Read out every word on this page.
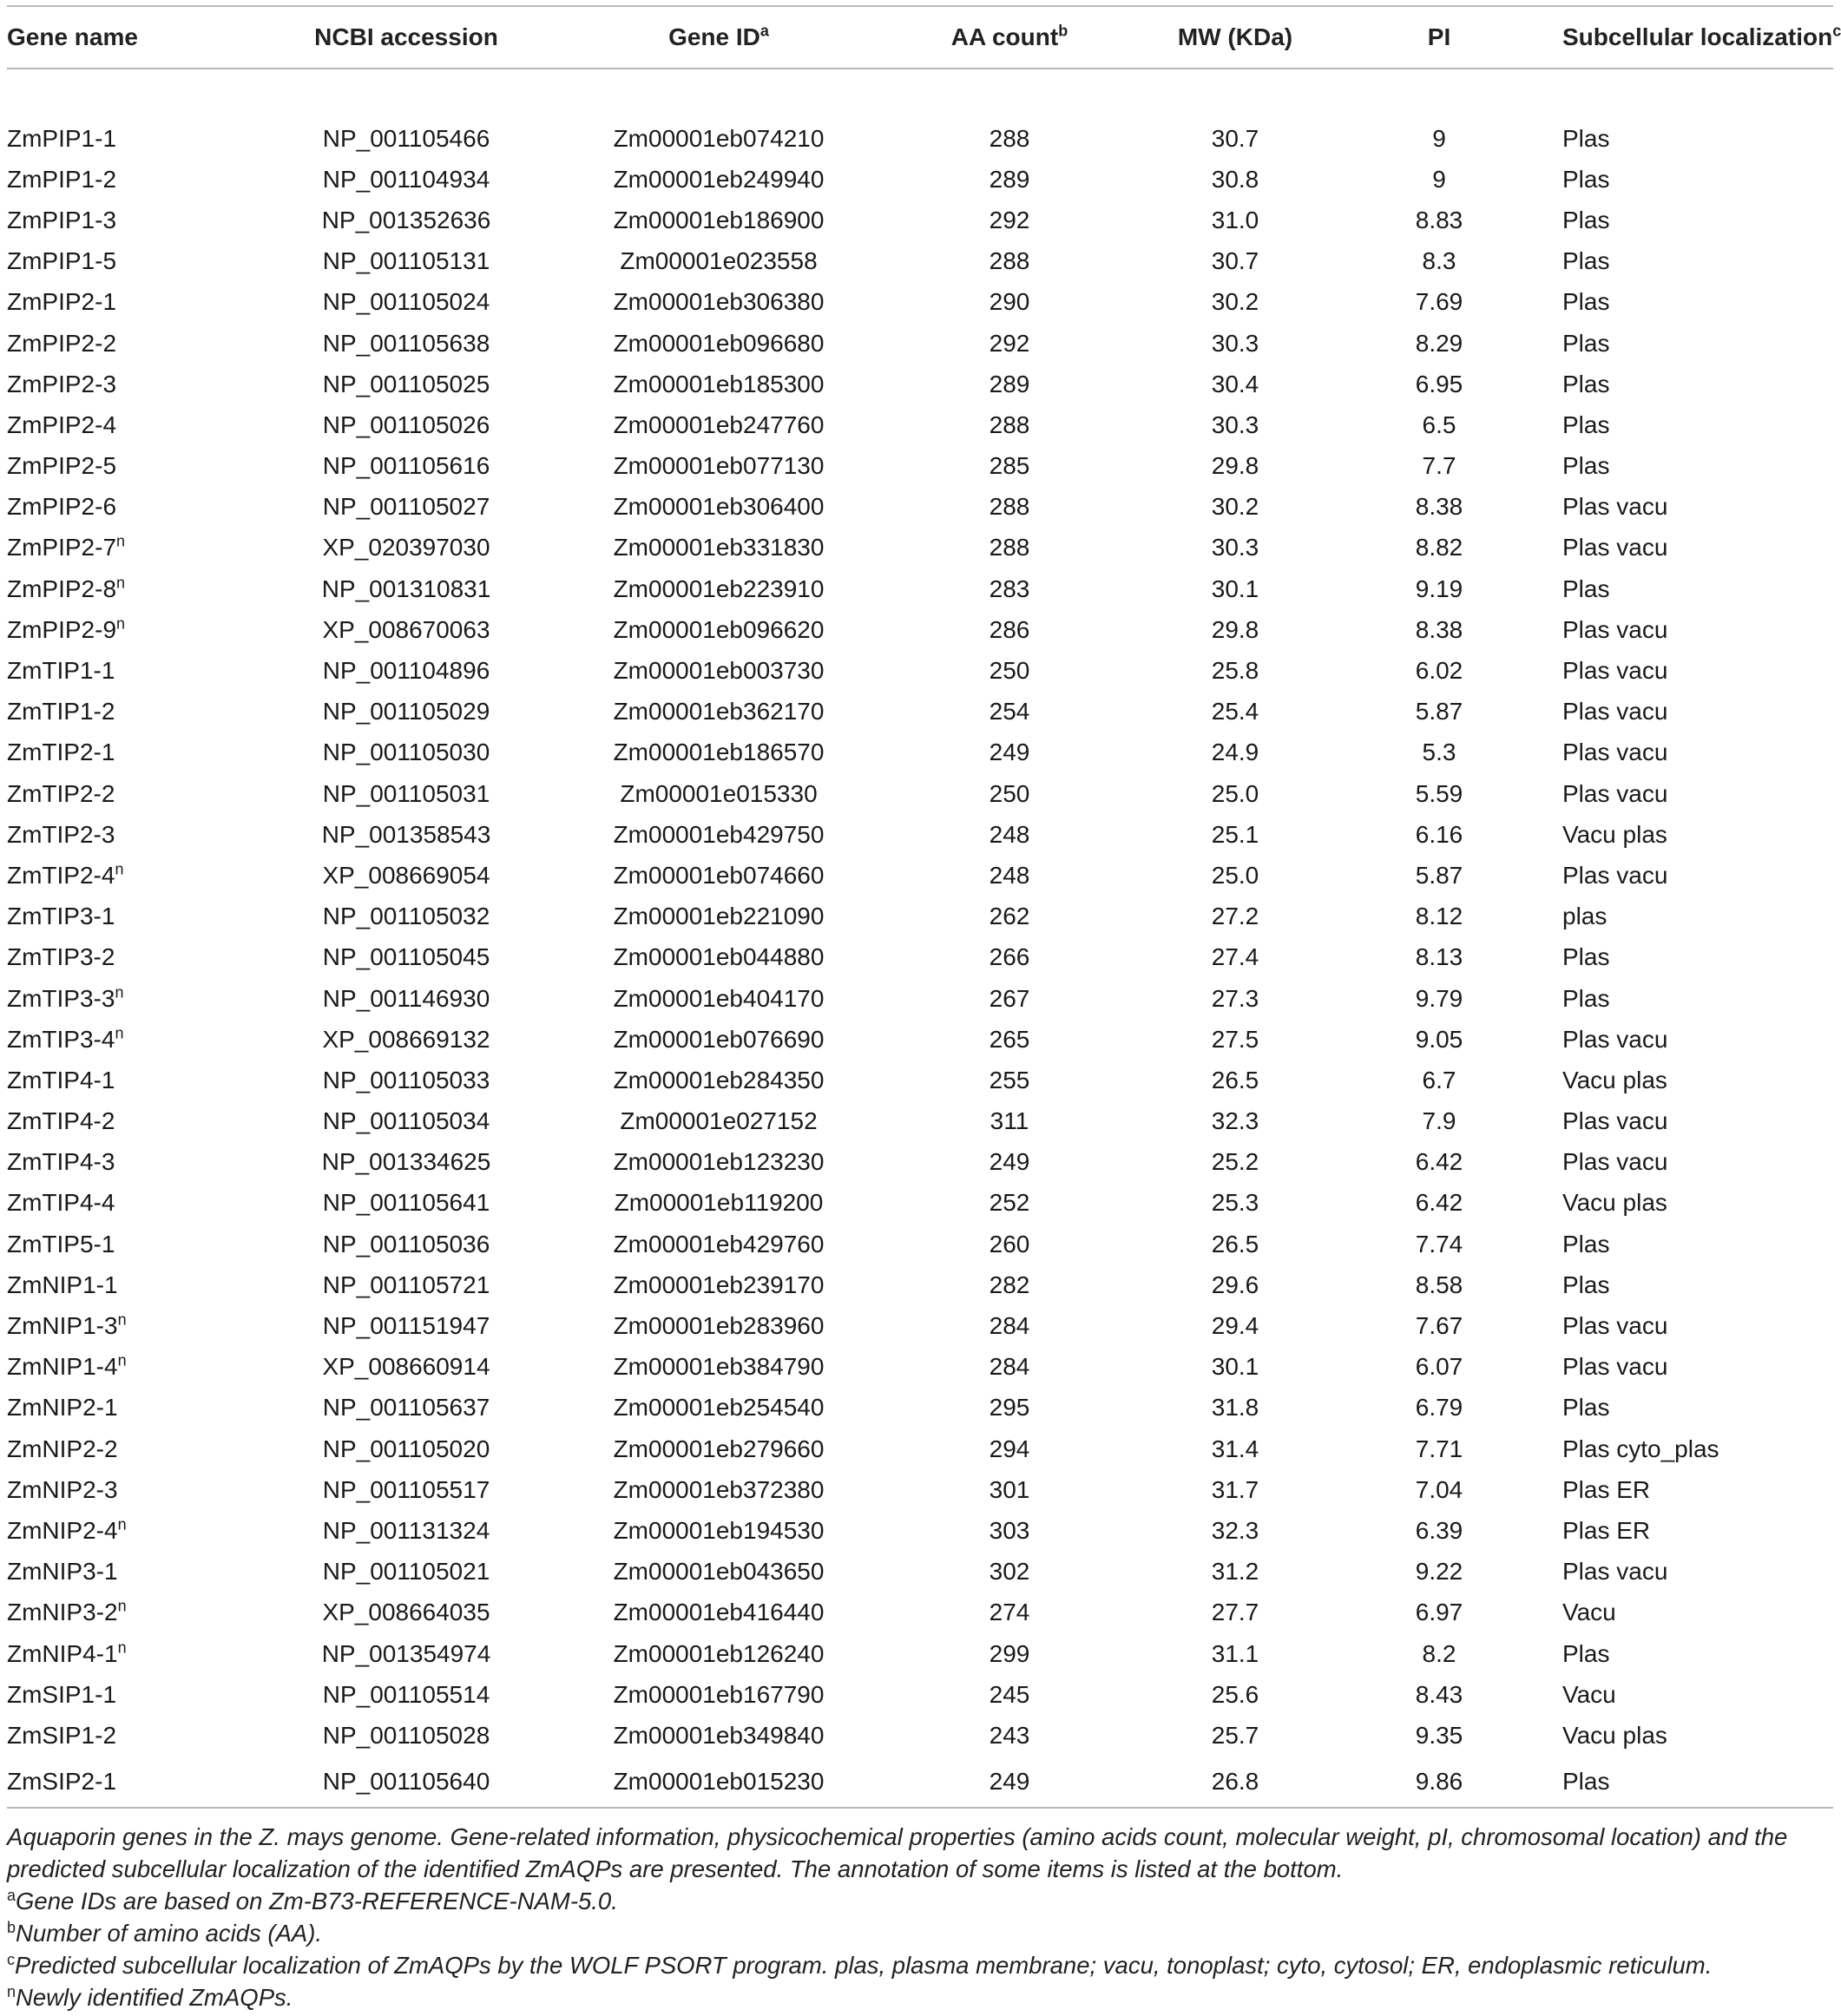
Gene name	NCBI accession	Gene $ID^a$	AA count$^b$	MW (KDa)	PI	Subcellular localization$^c$

ZmPIP1-1	NP_001105466	Zm00001eb074210	288	30.7	9	Plas
ZmPIP1-2	NP_001104934	Zm00001eb249940	289	30.8	9	Plas
ZmPIP1-3	NP_001352636	Zm00001eb186900	292	31.0	8.83	Plas
ZmPIP1-5	NP_001105131	Zm00001e023558	288	30.7	8.3	Plas
ZmPIP2-1	NP_001105024	Zm00001eb306380	290	30.2	7.69	Plas
ZmPIP2-2	NP_001105638	Zm00001eb096680	292	30.3	8.29	Plas
ZmPIP2-3	NP_001105025	Zm00001eb185300	289	30.4	6.95	Plas
ZmPIP2-4	NP_001105026	Zm00001eb247760	288	30.3	6.5	Plas
ZmPIP2-5	NP_001105616	Zm00001eb077130	285	29.8	7.7	Plas
ZmPIP2-6	NP_001105027	Zm00001eb306400	288	30.2	8.38	Plas vacu
ZmPIP2-7$^n$	XP_020397030	Zm00001eb331830	288	30.3	8.82	Plas vacu
ZmPIP2-8$^n$	NP_001310831	Zm00001eb223910	283	30.1	9.19	Plas
ZmPIP2-9$^n$	XP_008670063	Zm00001eb096620	286	29.8	8.38	Plas vacu
ZmTIP1-1	NP_001104896	Zm00001eb003730	250	25.8	6.02	Plas vacu
ZmTIP1-2	NP_001105029	Zm00001eb362170	254	25.4	5.87	Plas vacu
ZmTIP2-1	NP_001105030	Zm00001eb186570	249	24.9	5.3	Plas vacu
ZmTIP2-2	NP_001105031	Zm00001e015330	250	25.0	5.59	Plas vacu
ZmTIP2-3	NP_001358543	Zm00001eb429750	248	25.1	6.16	Vacu plas
ZmTIP2-4$^n$	XP_008669054	Zm00001eb074660	248	25.0	5.87	Plas vacu
ZmTIP3-1	NP_001105032	Zm00001eb221090	262	27.2	8.12	plas
ZmTIP3-2	NP_001105045	Zm00001eb044880	266	27.4	8.13	Plas
ZmTIP3-3$^n$	NP_001146930	Zm00001eb404170	267	27.3	9.79	Plas
ZmTIP3-4$^n$	XP_008669132	Zm00001eb076690	265	27.5	9.05	Plas vacu
ZmTIP4-1	NP_001105033	Zm00001eb284350	255	26.5	6.7	Vacu plas
ZmTIP4-2	NP_001105034	Zm00001e027152	311	32.3	7.9	Plas vacu
ZmTIP4-3	NP_001334625	Zm00001eb123230	249	25.2	6.42	Plas vacu
ZmTIP4-4	NP_001105641	Zm00001eb119200	252	25.3	6.42	Vacu plas
ZmTIP5-1	NP_001105036	Zm00001eb429760	260	26.5	7.74	Plas
ZmNIP1-1	NP_001105721	Zm00001eb239170	282	29.6	8.58	Plas
ZmNIP1-3$^n$	NP_001151947	Zm00001eb283960	284	29.4	7.67	Plas vacu
ZmNIP1-4$^n$	XP_008660914	Zm00001eb384790	284	30.1	6.07	Plas vacu
ZmNIP2-1	NP_001105637	Zm00001eb254540	295	31.8	6.79	Plas
ZmNIP2-2	NP_001105020	Zm00001eb279660	294	31.4	7.71	Plas cyto_plas
ZmNIP2-3	NP_001105517	Zm00001eb372380	301	31.7	7.04	Plas ER
ZmNIP2-4$^n$	NP_001131324	Zm00001eb194530	303	32.3	6.39	Plas ER
ZmNIP3-1	NP_001105021	Zm00001eb043650	302	31.2	9.22	Plas vacu
ZmNIP3-2$^n$	XP_008664035	Zm00001eb416440	274	27.7	6.97	Vacu
ZmNIP4-1$^n$	NP_001354974	Zm00001eb126240	299	31.1	8.2	Plas
ZmSIP1-1	NP_001105514	Zm00001eb167790	245	25.6	8.43	Vacu
ZmSIP1-2	NP_001105028	Zm00001eb349840	243	25.7	9.35	Vacu plas
ZmSIP2-1	NP_001105640	Zm00001eb015230	249	26.8	9.86	Plas

Aquaporin genes in the Z. mays genome. Gene-related information, physicochemical properties (amino acids count, molecular weight, pI, chromosomal location) and the predicted subcellular localization of the identified ZmAQPs are presented. The annotation of some items is listed at the bottom.

$^a$Gene IDs are based on Zm-B73-REFERENCE-NAM-5.0.

$^b$Number of amino acids (AA).

$^c$Predicted subcellular localization of ZmAQPs by the WOLF PSORT program. plas, plasma membrane; vacu, tonoplast; cyto, cytosol; ER, endoplasmic reticulum.

$^n$Newly identified ZmAQPs.
